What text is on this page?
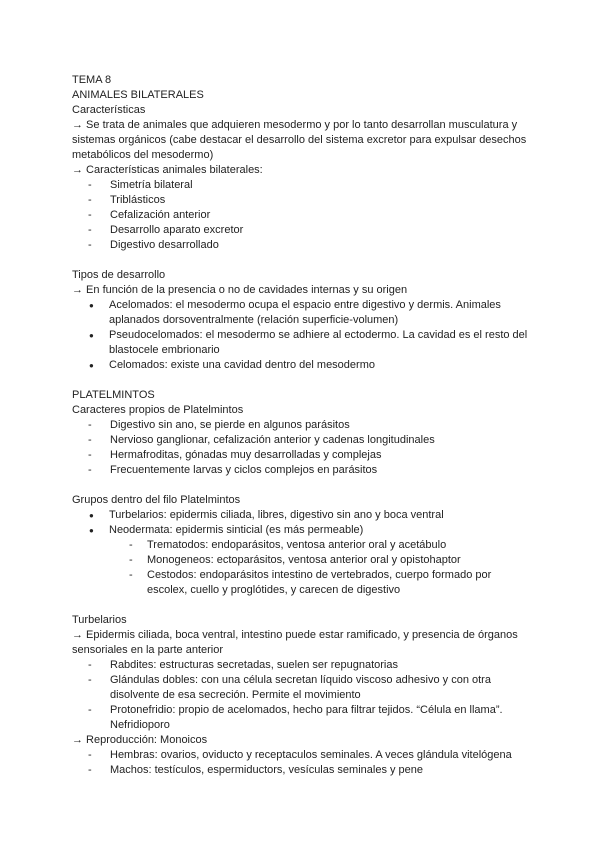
TEMA 8
ANIMALES BILATERALES
Características
→ Se trata de animales que adquieren mesodermo y por lo tanto desarrollan musculatura y sistemas orgánicos (cabe destacar el desarrollo del sistema excretor para expulsar desechos metabólicos del mesodermo)
→ Características animales bilaterales:
- Simetría bilateral
- Triblásticos
- Cefalización anterior
- Desarrollo aparato excretor
- Digestivo desarrollado
Tipos de desarrollo
→ En función de la presencia o no de cavidades internas y su origen
● Acelomados: el mesodermo ocupa el espacio entre digestivo y dermis. Animales aplanados dorsoventralmente (relación superficie-volumen)
● Pseudocelomados: el mesodermo se adhiere al ectodermo. La cavidad es el resto del blastocele embrionario
● Celomados: existe una cavidad dentro del mesodermo
PLATELMINTOS
Caracteres propios de Platelmintos
- Digestivo sin ano, se pierde en algunos parásitos
- Nervioso ganglionar, cefalización anterior y cadenas longitudinales
- Hermafroditas, gónadas muy desarrolladas y complejas
- Frecuentemente larvas y ciclos complejos en parásitos
Grupos dentro del filo Platelmintos
● Turbelarios: epidermis ciliada, libres, digestivo sin ano y boca ventral
● Neodermata: epidermis sinticial (es más permeable)
- Trematodos: endoparásitos, ventosa anterior oral y acetábulo
- Monogeneos: ectoparásitos, ventosa anterior oral y opistohaptor
- Cestodos: endoparásitos intestino de vertebrados, cuerpo formado por escolex, cuello y proglótides, y carecen de digestivo
Turbelarios
→ Epidermis ciliada, boca ventral, intestino puede estar ramificado, y presencia de órganos sensoriales en la parte anterior
- Rabdites: estructuras secretadas, suelen ser repugnatorias
- Glándulas dobles: con una célula secretan líquido viscoso adhesivo y con otra disolvente de esa secreción. Permite el movimiento
- Protonefridio: propio de acelomados, hecho para filtrar tejidos. “Célula en llama”. Nefridioporo
→ Reproducción: Monoicos
- Hembras: ovarios, oviducto y receptaculos seminales. A veces glándula vitelógena
- Machos: testículos, espermiductors, vesículas seminales y pene
